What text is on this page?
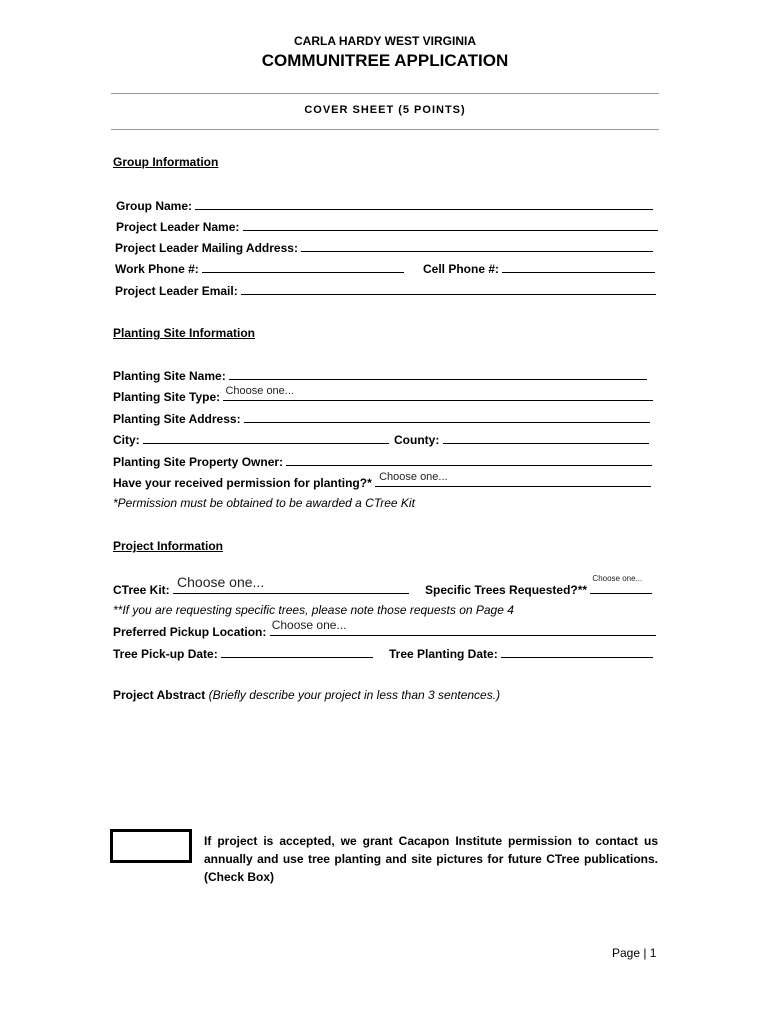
CARLA HARDY WEST VIRGINIA
COMMUNITREE APPLICATION
COVER SHEET (5 POINTS)
Group Information
Group Name:
Project Leader Name:
Project Leader Mailing Address:
Work Phone #:	Cell Phone #:
Project Leader Email:
Planting Site Information
Planting Site Name:
Planting Site Type: Choose one...
Planting Site Address:
City:	County:
Planting Site Property Owner:
Have your received permission for planting?* Choose one...
*Permission must be obtained to be awarded a CTree Kit
Project Information
CTree Kit: Choose one...	Specific Trees Requested?**
Choose one...
**If you are requesting specific trees, please note those requests on Page 4
Preferred Pickup Location: Choose one...
Tree Pick-up Date:	Tree Planting Date:
Project Abstract (Briefly describe your project in less than 3 sentences.)
If project is accepted, we grant Cacapon Institute permission to contact us annually and use tree planting and site pictures for future CTree publications. (Check Box)
Page | 1
